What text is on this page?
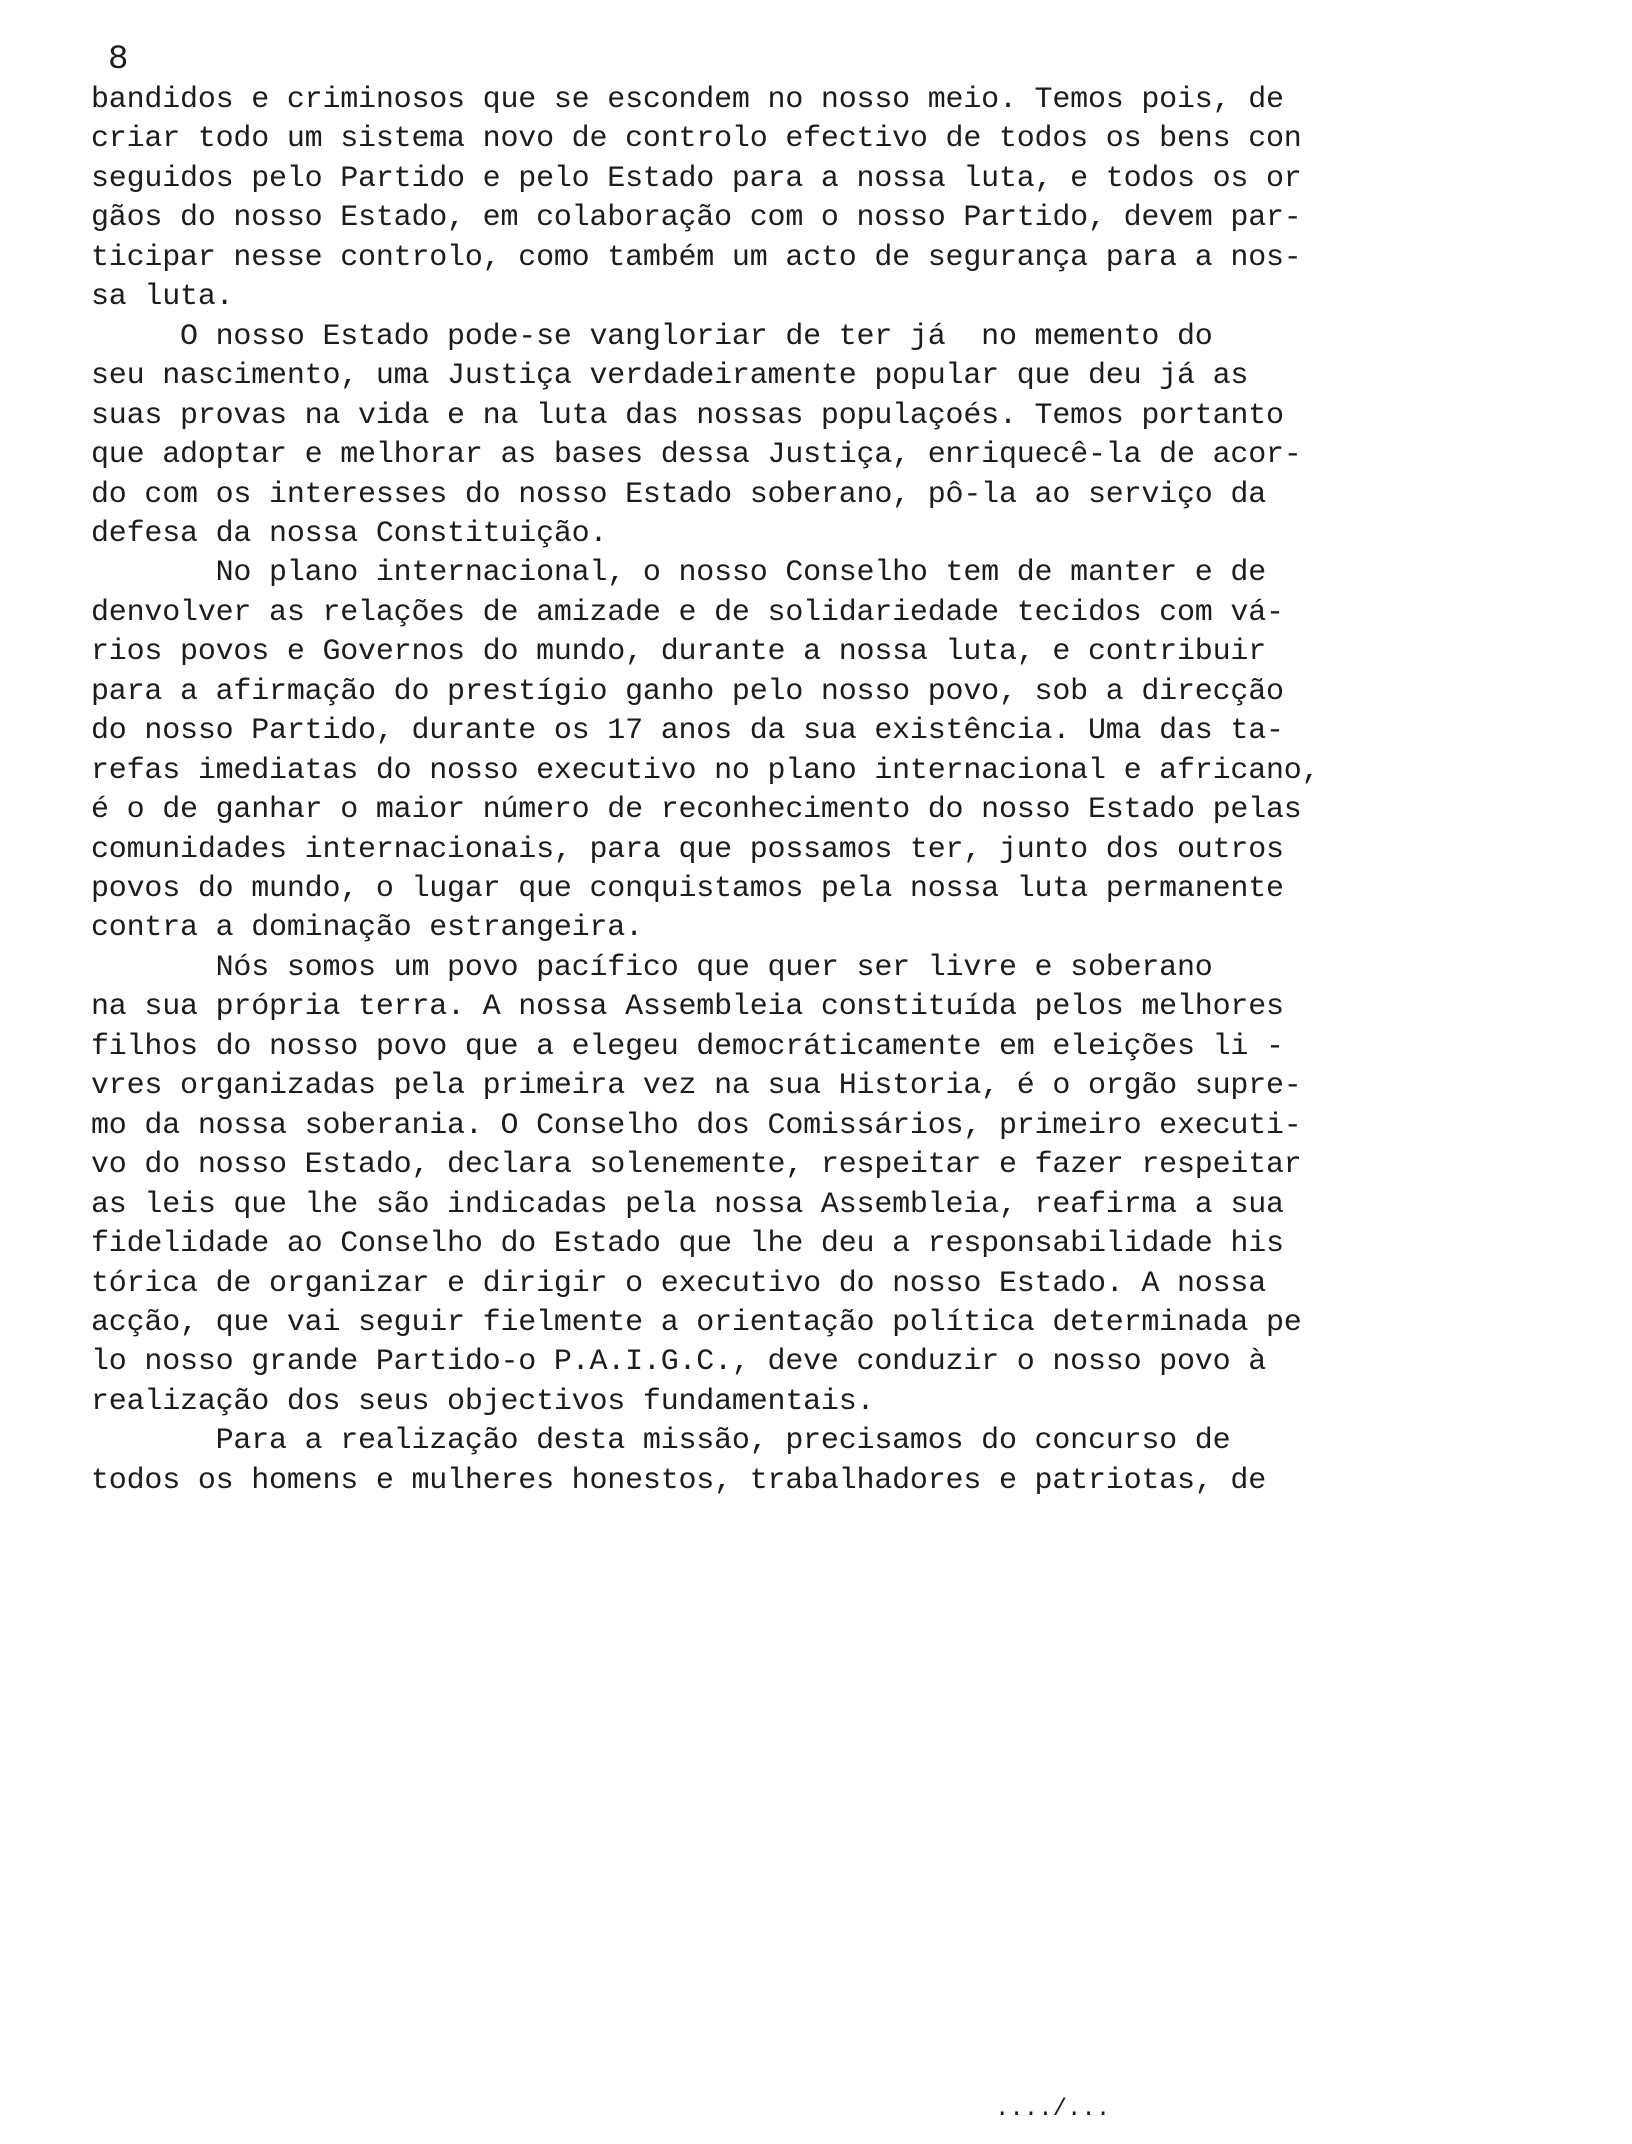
8

bandidos e criminosos que se escondem no nosso meio. Temos pois, de

criar todo um sistema novo de controlo efectivo de todos os bens con

seguidos pelo Partido e pelo Estado para a nossa luta, e todos os or

gãos do nosso Estado, em colaboração com o nosso Partido, devem par-

ticipar nesse controlo, como também um acto de segurança para a nos-

sa luta.

O nosso Estado pode-se vangloriar de ter já  no memento do

seu nascimento, uma Justiça verdadeiramente popular que deu já as

suas provas na vida e na luta das nossas populaçoés. Temos portanto

que adoptar e melhorar as bases dessa Justiça, enriquecê-la de acor-

do com os interesses do nosso Estado soberano, pô-la ao serviço da

defesa da nossa Constituição.

No plano internacional, o nosso Conselho tem de manter e de

denvolver as relações de amizade e de solidariedade tecidos com vá-

rios povos e Governos do mundo, durante a nossa luta, e contribuir

para a afirmação do prestígio ganho pelo nosso povo, sob a direcção

do nosso Partido, durante os 17 anos da sua existência. Uma das ta-

refas imediatas do nosso executivo no plano internacional e africano,

é o de ganhar o maior número de reconhecimento do nosso Estado pelas

comunidades internacionais, para que possamos ter, junto dos outros

povos do mundo, o lugar que conquistamos pela nossa luta permanente

contra a dominação estrangeira.

Nós somos um povo pacífico que quer ser livre e soberano

na sua própria terra. A nossa Assembleia constituída pelos melhores

filhos do nosso povo que a elegeu democráticamente em eleições li -

vres organizadas pela primeira vez na sua Historia, é o orgão supre-

mo da nossa soberania. O Conselho dos Comissários, primeiro executi-

vo do nosso Estado, declara solenemente, respeitar e fazer respeitar

as leis que lhe são indicadas pela nossa Assembleia, reafirma a sua

fidelidade ao Conselho do Estado que lhe deu a responsabilidade his

tórica de organizar e dirigir o executivo do nosso Estado. A nossa

acção, que vai seguir fielmente a orientação política determinada pe

lo nosso grande Partido-o P.A.I.G.C., deve conduzir o nosso povo à

realização dos seus objectivos fundamentais.

Para a realização desta missão, precisamos do concurso de

todos os homens e mulheres honestos, trabalhadores e patriotas, de

..../...
